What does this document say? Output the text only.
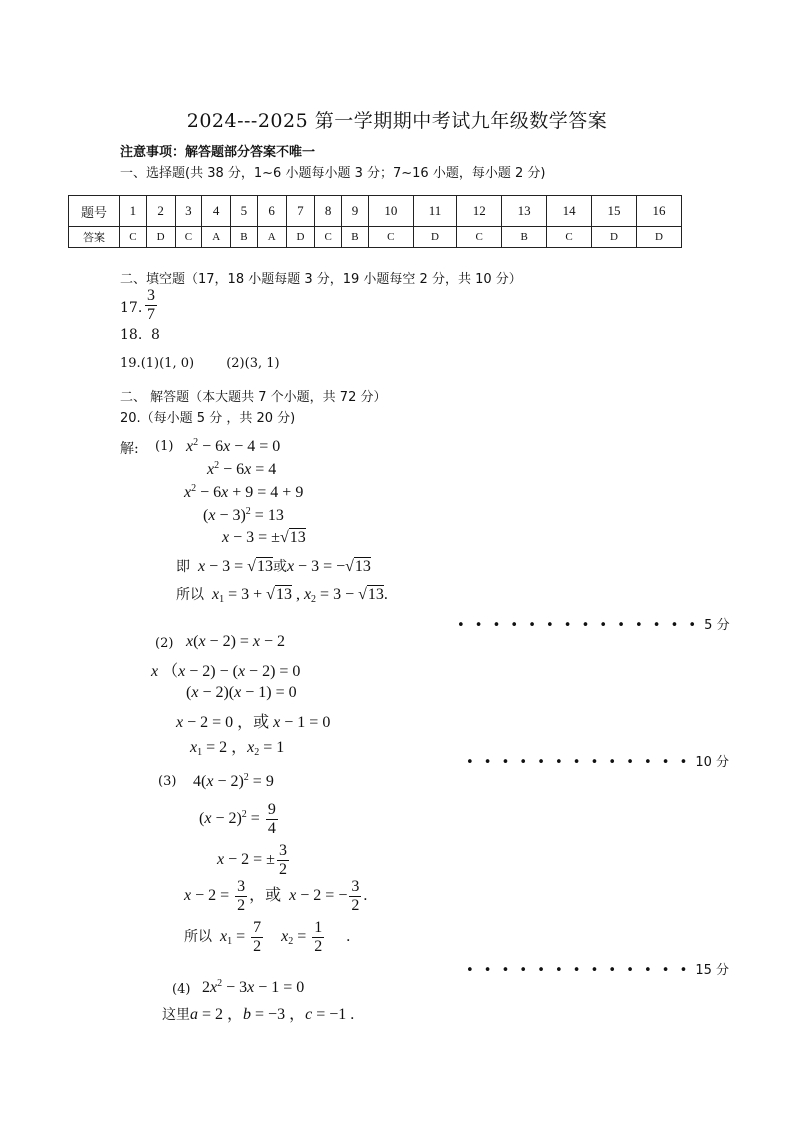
2024---2025 第一学期期中考试九年级数学答案
注意事项：解答题部分答案不唯一
一、选择题(共 38 分，1~6 小题每小题 3 分；7~16 小题，每小题 2 分)
题号	1	2	3	4	5	6	7	8	9	10	11	12	13	14	15	16
答案	C	D	C	A	B	A	D	C	B	C	D	C	B	C	D	D
二、填空题（17，18 小题每题 3 分，19 小题每空 2 分，共 10 分）
17. $\frac{3}{7}$
18. 8
19.(1)(1, 0) (2)(3, 1)
二、 解答题（本大题共 7 个小题，共 72 分）
20.（每小题 5 分 ，共 20 分)
解: (1) $x^2 - 6x - 4 = 0$
$x^2 - 6x = 4$
$x^2 - 6x + 9 = 4 + 9$
$(x - 3)^2 = 13$
x − 3 = ±√13
即 x − 3 = √13或x − 3 = −√13
所以 $x_1 = 3 + √13$ , $x_2 = 3 - √13$.
• • • • • • • • • • • • • • 5 分
(2) x(x − 2) = x − 2
x （x − 2) − (x − 2) = 0
(x − 2)(x − 1) = 0
x − 2 = 0 ，或 x − 1 = 0
$x_1 = 2$ ，$x_2 = 1$
• • • • • • • • • • • • • 10 分
(3) $4(x - 2)^2 = 9$
$(x - 2)^2 = \frac{9}{4}$
x − 2 = ± $\frac{3}{2}$
$x - 2 = \frac{3}{2}$ ，或  x − 2 = − $\frac{3}{2}$ .
所以 $x_1 = \frac{7}{2} x_2 = \frac{1}{2}$ .
• • • • • • • • • • • • • 15 分
(4) $2x^2 - 3x - 1 = 0$
这里a = 2 ，b = −3 ，c = −1 .
